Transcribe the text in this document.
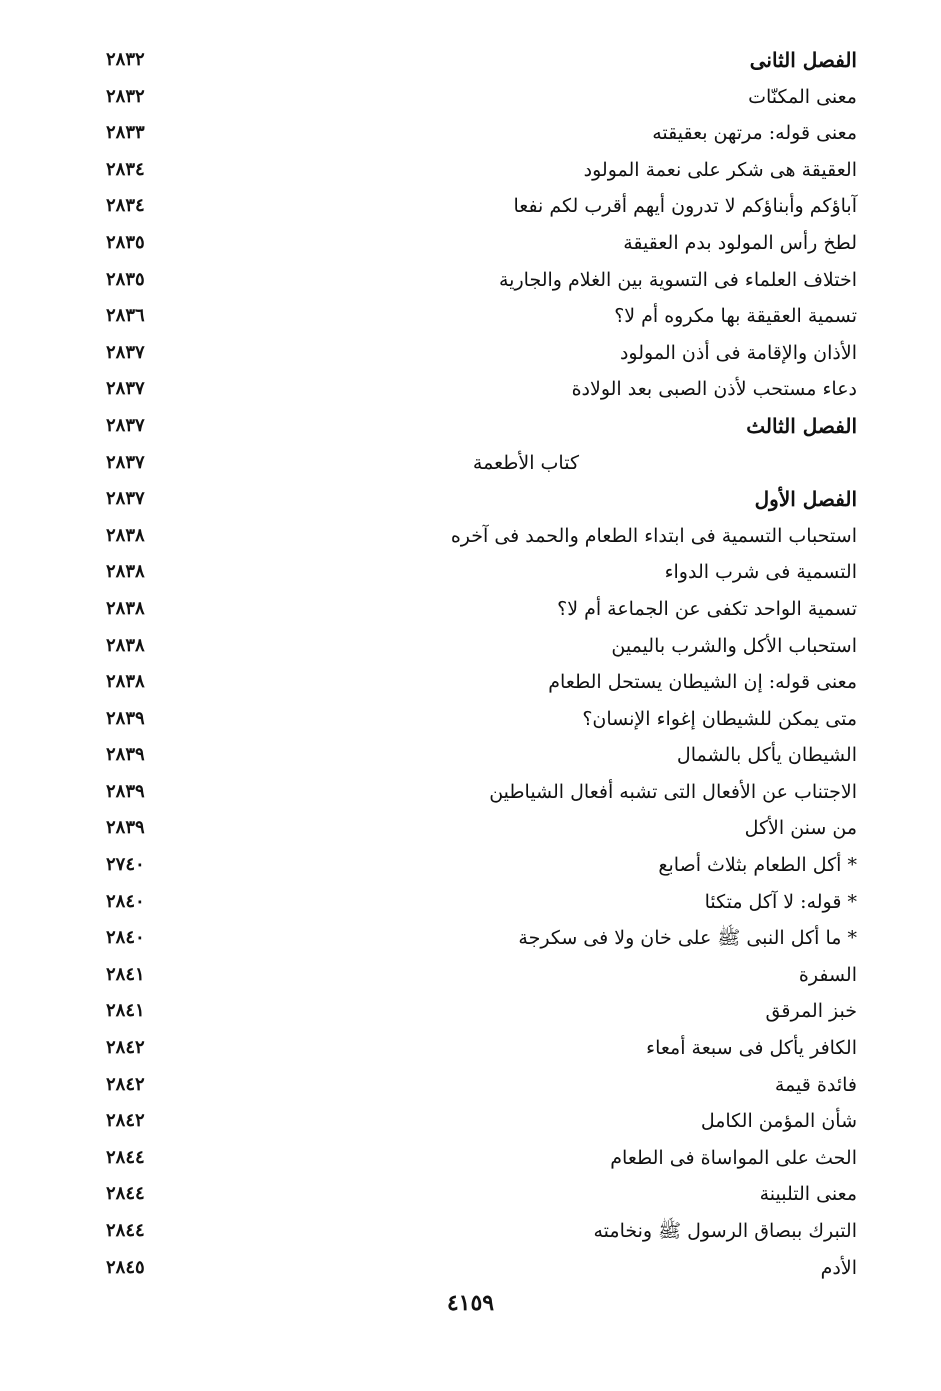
الفصل الثانى
٢٨٣٢
معنى المكنّات
٢٨٣٢
معنى قوله: مرتهن بعقيقته
٢٨٣٣
العقيقة هى شكر على نعمة المولود
٢٨٣٤
آباؤكم وأبناؤكم لا تدرون أيهم أقرب لكم نفعا
٢٨٣٤
لطخ رأس المولود بدم العقيقة
٢٨٣٥
اختلاف العلماء فى التسوية بين الغلام والجارية
٢٨٣٥
تسمية العقيقة بها مكروه أم لا؟
٢٨٣٦
الأذان والإقامة فى أذن المولود
٢٨٣٧
دعاء مستحب لأذن الصبى بعد الولادة
٢٨٣٧
الفصل الثالث
٢٨٣٧
كتاب الأطعمة
٢٨٣٧
الفصل الأول
٢٨٣٧
استحباب التسمية فى ابتداء الطعام والحمد فى آخره
٢٨٣٨
التسمية فى شرب الدواء
٢٨٣٨
تسمية الواحد تكفى عن الجماعة أم لا؟
٢٨٣٨
استحباب الأكل والشرب باليمين
٢٨٣٨
معنى قوله: إن الشيطان يستحل الطعام
٢٨٣٨
متى يمكن للشيطان إغواء الإنسان؟
٢٨٣٩
الشيطان يأكل بالشمال
٢٨٣٩
الاجتناب عن الأفعال التى تشبه أفعال الشياطين
٢٨٣٩
من سنن الأكل
٢٨٣٩
* أكل الطعام بثلاث أصابع
٢٧٤٠
* قوله: لا آكل متكئا
٢٨٤٠
* ما أكل النبى ﷺ على خان ولا فى سكرجة
٢٨٤٠
السفرة
٢٨٤١
خبز المرقق
٢٨٤١
الكافر يأكل فى سبعة أمعاء
٢٨٤٢
فائدة قيمة
٢٨٤٢
شأن المؤمن الكامل
٢٨٤٢
الحث على المواساة فى الطعام
٢٨٤٤
معنى التلبينة
٢٨٤٤
التبرك ببصاق الرسول ﷺ ونخامته
٢٨٤٤
الأدم
٢٨٤٥
٤١٥٩
